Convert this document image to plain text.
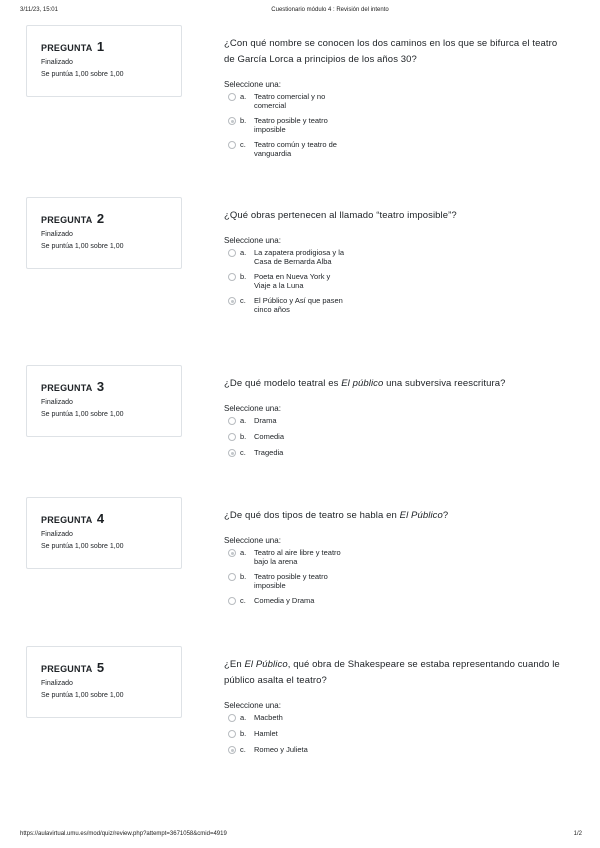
3/11/23, 15:01	Cuestionario módulo 4 : Revisión del intento
PREGUNTA 1
Finalizado
Se puntúa 1,00 sobre 1,00
¿Con qué nombre se conocen los dos caminos en los que se bifurca el teatro de García Lorca a principios de los años 30?
Seleccione una:
a. Teatro comercial y no comercial
b. Teatro posible y teatro imposible
c. Teatro común y teatro de vanguardia
PREGUNTA 2
Finalizado
Se puntúa 1,00 sobre 1,00
¿Qué obras pertenecen al llamado “teatro imposible”?
Seleccione una:
a. La zapatera prodigiosa y la Casa de Bernarda Alba
b. Poeta en Nueva York y Viaje a la Luna
c. El Público y Así que pasen cinco años
PREGUNTA 3
Finalizado
Se puntúa 1,00 sobre 1,00
¿De qué modelo teatral es El público una subversiva reescritura?
Seleccione una:
a. Drama
b. Comedia
c. Tragedia
PREGUNTA 4
Finalizado
Se puntúa 1,00 sobre 1,00
¿De qué dos tipos de teatro se habla en El Público?
Seleccione una:
a. Teatro al aire libre y teatro bajo la arena
b. Teatro posible y teatro imposible
c. Comedia y Drama
PREGUNTA 5
Finalizado
Se puntúa 1,00 sobre 1,00
¿En El Público, qué obra de Shakespeare se estaba representando cuando le público asalta el teatro?
Seleccione una:
a. Macbeth
b. Hamlet
c. Romeo y Julieta
https://aulavirtual.umu.es/mod/quiz/review.php?attempt=3671058&cmid=4919	1/2
